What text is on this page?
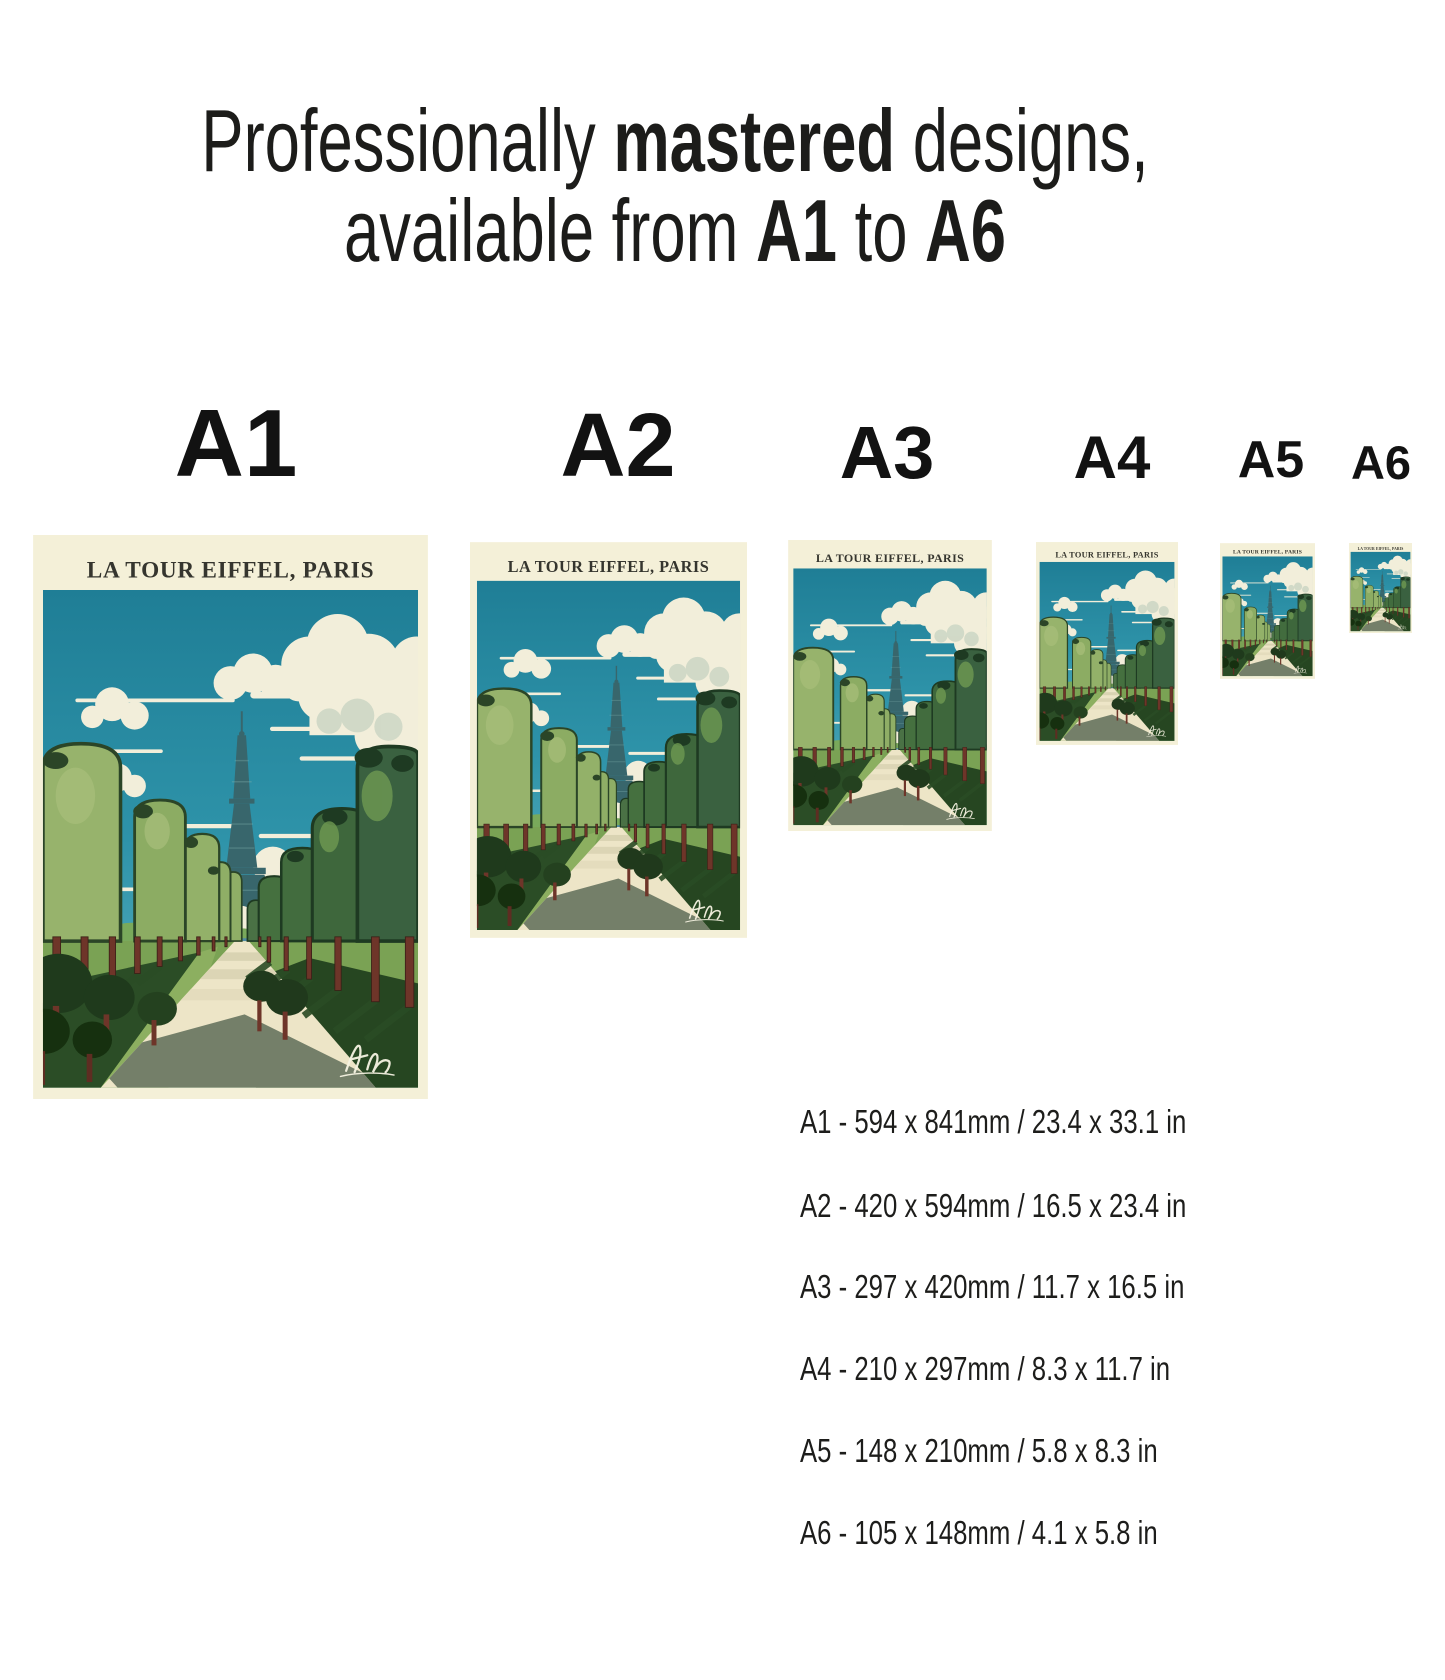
Professionally mastered designs,
available from A1 to A6
A1	A2 A3 A4 A5 A6
A1 - 594 x 841mm / 23.4 x 33.1 in
A2 - 420 x 594mm / 16.5 x 23.4 in
A3 - 297 x 420mm / 11.7 x 16.5 in
A4 - 210 x 297mm / 8.3 x 11.7 in
A5 - 148 x 210mm / 5.8 x 8.3 in
A6 - 105 x 148mm / 4.1 x 5.8 in
